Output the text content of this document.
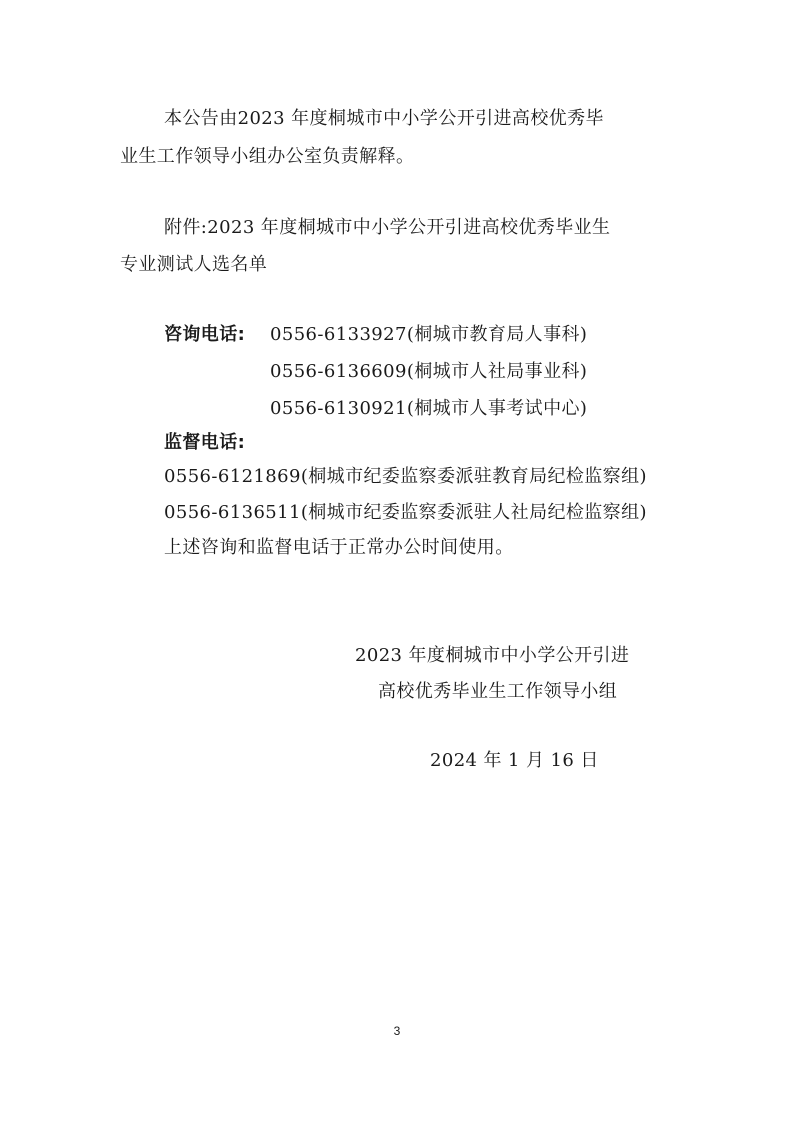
本公告由2023 年度桐城市中小学公开引进高校优秀毕
业生工作领导小组办公室负责解释。
附件:2023 年度桐城市中小学公开引进高校优秀毕业生
专业测试人选名单
咨询电话: 0556-6133927(桐城市教育局人事科)
0556-6136609(桐城市人社局事业科)
0556-6130921(桐城市人事考试中心)
监督电话:
0556-6121869(桐城市纪委监察委派驻教育局纪检监察组)
0556-6136511(桐城市纪委监察委派驻人社局纪检监察组)
上述咨询和监督电话于正常办公时间使用。
2023 年度桐城市中小学公开引进
高校优秀毕业生工作领导小组
2024 年 1 月 16 日
3
